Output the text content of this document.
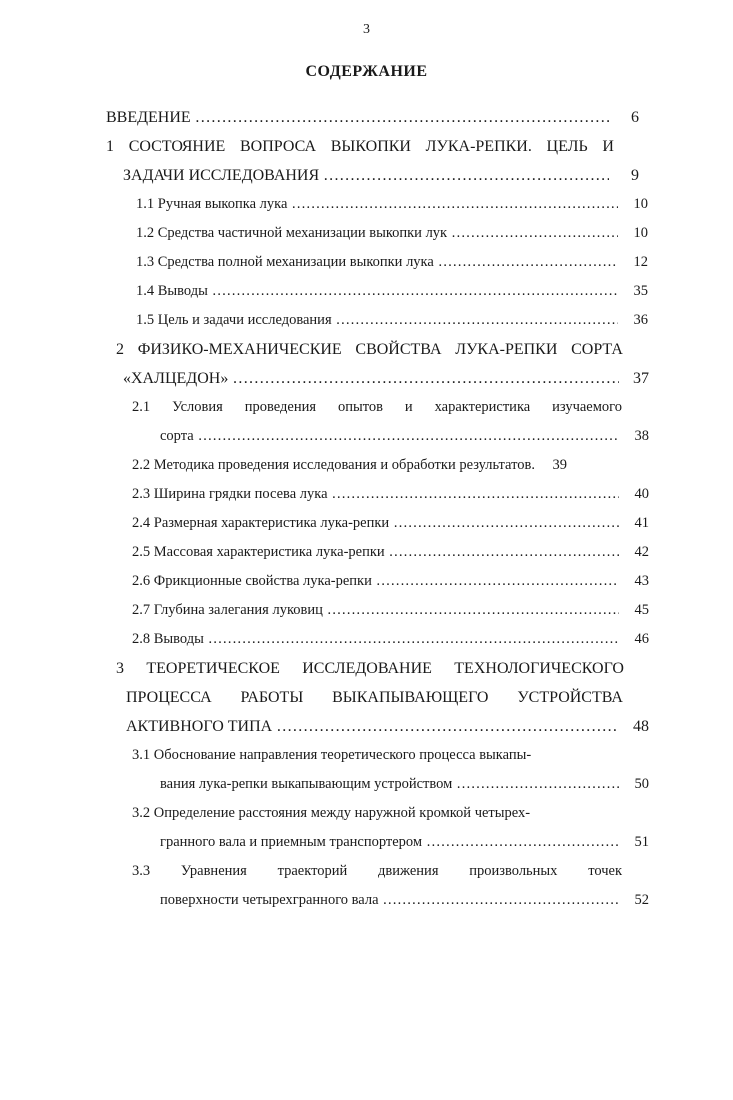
3
СОДЕРЖАНИЕ
ВВЕДЕНИЕ …………………………………………………………………………………………………………………………………………………………………………………………………	6
1 СОСТОЯНИЕ ВОПРОСА ВЫКОПКИ ЛУКА-РЕПКИ. ЦЕЛЬ И
ЗАДАЧИ ИССЛЕДОВАНИЯ …………………………………………………………………………………………………………………………………………………………………………………………………	9
1.1 Ручная выкопка лука …………………………………………………………………………………………………………………………………………………………………………………………………	10
1.2 Средства частичной механизации выкопки лук …………………………………………………………………………………………………………………………………………………………………………………………………	10
1.3 Средства полной механизации выкопки лука …………………………………………………………………………………………………………………………………………………………………………………………………	12
1.4 Выводы …………………………………………………………………………………………………………………………………………………………………………………………………	35
1.5 Цель и задачи исследования …………………………………………………………………………………………………………………………………………………………………………………………………	36
2 ФИЗИКО-МЕХАНИЧЕСКИЕ СВОЙСТВА ЛУКА-РЕПКИ СОРТА
«ХАЛЦЕДОН» …………………………………………………………………………………………………………………………………………………………………………………………………	37
2.1 Условия проведения опытов и характеристика изучаемого
сорта …………………………………………………………………………………………………………………………………………………………………………………………………	38
2.2 Методика проведения исследования и обработки результатов.	39
2.3 Ширина грядки посева лука …………………………………………………………………………………………………………………………………………………………………………………………………	40
2.4 Размерная характеристика лука-репки …………………………………………………………………………………………………………………………………………………………………………………………………	41
2.5 Массовая характеристика лука-репки …………………………………………………………………………………………………………………………………………………………………………………………………	42
2.6 Фрикционные свойства лука-репки …………………………………………………………………………………………………………………………………………………………………………………………………	43
2.7 Глубина залегания луковиц …………………………………………………………………………………………………………………………………………………………………………………………………	45
2.8 Выводы …………………………………………………………………………………………………………………………………………………………………………………………………	46
3 ТЕОРЕТИЧЕСКОЕ ИССЛЕДОВАНИЕ ТЕХНОЛОГИЧЕСКОГО
ПРОЦЕССА РАБОТЫ ВЫКАПЫВАЮЩЕГО УСТРОЙСТВА
АКТИВНОГО ТИПА …………………………………………………………………………………………………………………………………………………………………………………………………	48
3.1 Обоснование направления теоретического процесса выкапы-
вания лука-репки выкапывающим устройством …………………………………………………………………………………………………………………………………………………………………………………………………	50
3.2 Определение расстояния между наружной кромкой четырех-
гранного вала и приемным транспортером …………………………………………………………………………………………………………………………………………………………………………………………………	51
3.3 Уравнения траекторий движения произвольных точек
поверхности четырехгранного вала …………………………………………………………………………………………………………………………………………………………………………………………………	52
